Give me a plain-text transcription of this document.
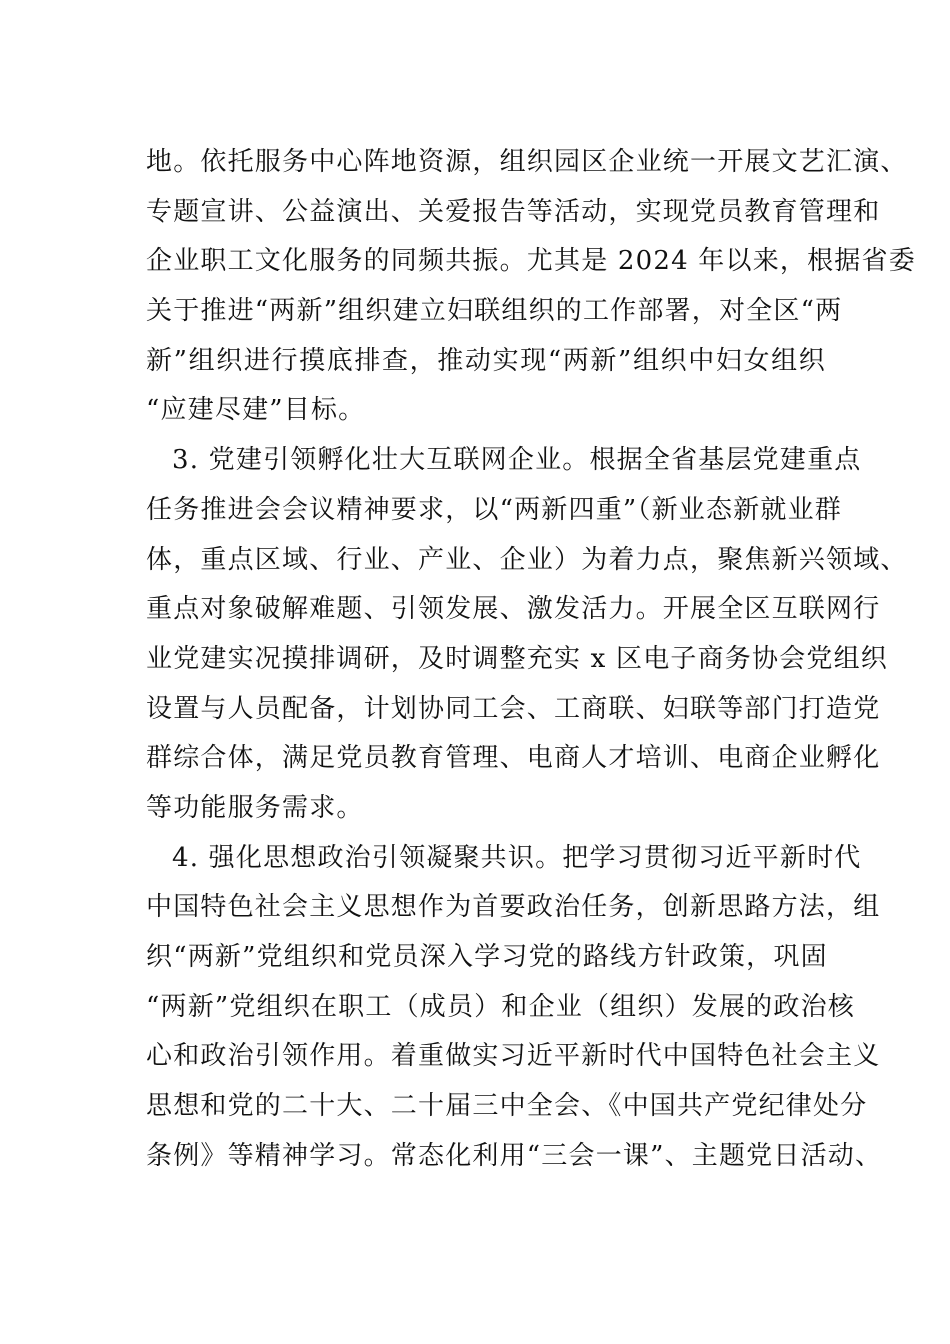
地。依托服务中心阵地资源，组织园区企业统一开展文艺汇演、
专题宣讲、公益演出、关爱报告等活动，实现党员教育管理和
企业职工文化服务的同频共振。尤其是 2024 年以来，根据省委
关于推进“两新”组织建立妇联组织的工作部署，对全区“两
新”组织进行摸底排查，推动实现“两新”组织中妇女组织
“应建尽建”目标。
3. 党建引领孵化壮大互联网企业。根据全省基层党建重点
任务推进会会议精神要求，以“两新四重”（新业态新就业群
体，重点区域、行业、产业、企业）为着力点，聚焦新兴领域、
重点对象破解难题、引领发展、激发活力。开展全区互联网行
业党建实况摸排调研，及时调整充实 x 区电子商务协会党组织
设置与人员配备，计划协同工会、工商联、妇联等部门打造党
群综合体，满足党员教育管理、电商人才培训、电商企业孵化
等功能服务需求。
4. 强化思想政治引领凝聚共识。把学习贯彻习近平新时代
中国特色社会主义思想作为首要政治任务，创新思路方法，组
织“两新”党组织和党员深入学习党的路线方针政策，巩固
“两新”党组织在职工（成员）和企业（组织）发展的政治核
心和政治引领作用。着重做实习近平新时代中国特色社会主义
思想和党的二十大、二十届三中全会、《中国共产党纪律处分
条例》等精神学习。常态化利用“三会一课”、主题党日活动、
